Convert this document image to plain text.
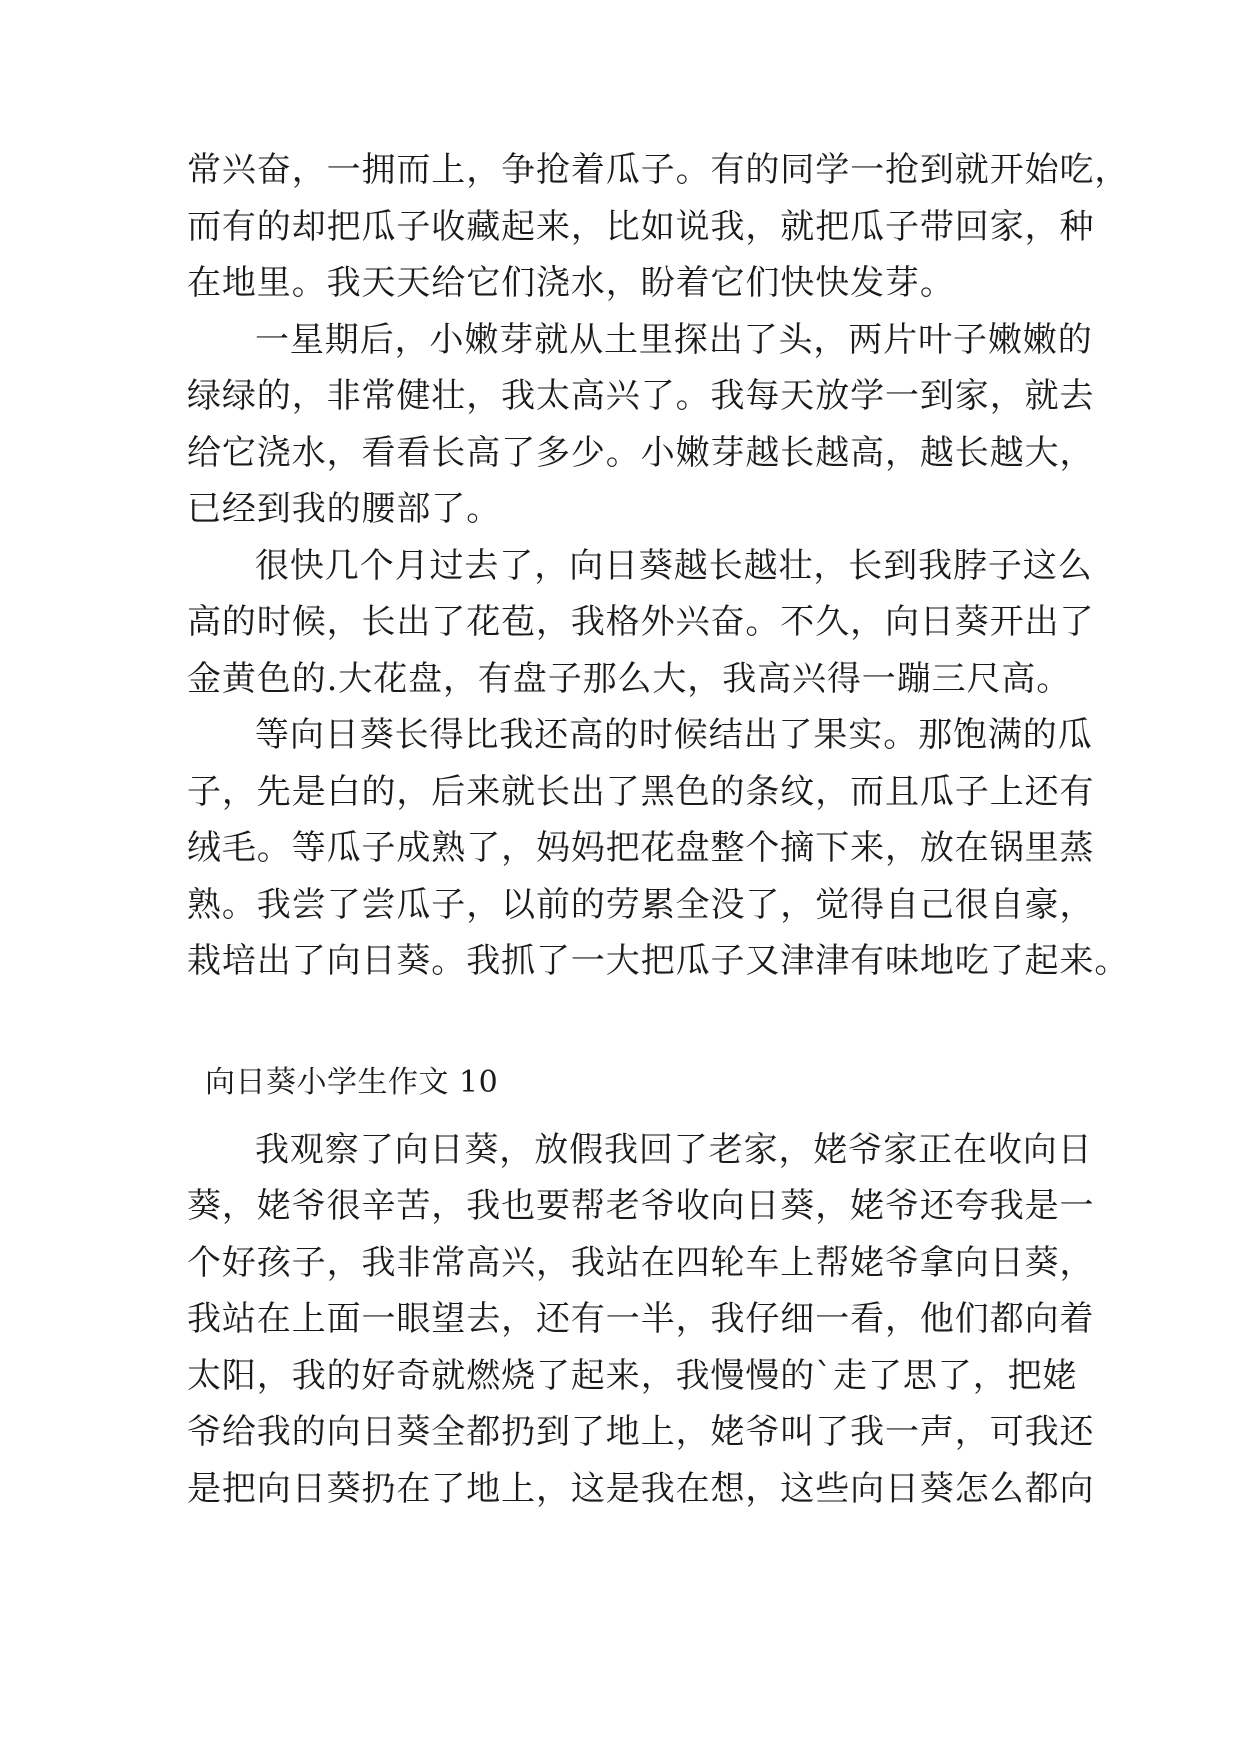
常兴奋，一拥而上，争抢着瓜子。有的同学一抢到就开始吃，
而有的却把瓜子收藏起来，比如说我，就把瓜子带回家，种
在地里。我天天给它们浇水，盼着它们快快发芽。
一星期后，小嫩芽就从土里探出了头，两片叶子嫩嫩的
绿绿的，非常健壮，我太高兴了。我每天放学一到家，就去
给它浇水，看看长高了多少。小嫩芽越长越高，越长越大，
已经到我的腰部了。
很快几个月过去了，向日葵越长越壮，长到我脖子这么
高的时候，长出了花苞，我格外兴奋。不久，向日葵开出了
金黄色的.大花盘，有盘子那么大，我高兴得一蹦三尺高。
等向日葵长得比我还高的时候结出了果实。那饱满的瓜
子，先是白的，后来就长出了黑色的条纹，而且瓜子上还有
绒毛。等瓜子成熟了，妈妈把花盘整个摘下来，放在锅里蒸
熟。我尝了尝瓜子，以前的劳累全没了，觉得自己很自豪，
栽培出了向日葵。我抓了一大把瓜子又津津有味地吃了起来。
向日葵小学生作文 10
我观察了向日葵，放假我回了老家，姥爷家正在收向日
葵，姥爷很辛苦，我也要帮老爷收向日葵，姥爷还夸我是一
个好孩子，我非常高兴，我站在四轮车上帮姥爷拿向日葵，
我站在上面一眼望去，还有一半，我仔细一看，他们都向着
太阳，我的好奇就燃烧了起来，我慢慢的`走了思了，把姥
爷给我的向日葵全都扔到了地上，姥爷叫了我一声，可我还
是把向日葵扔在了地上，这是我在想，这些向日葵怎么都向
